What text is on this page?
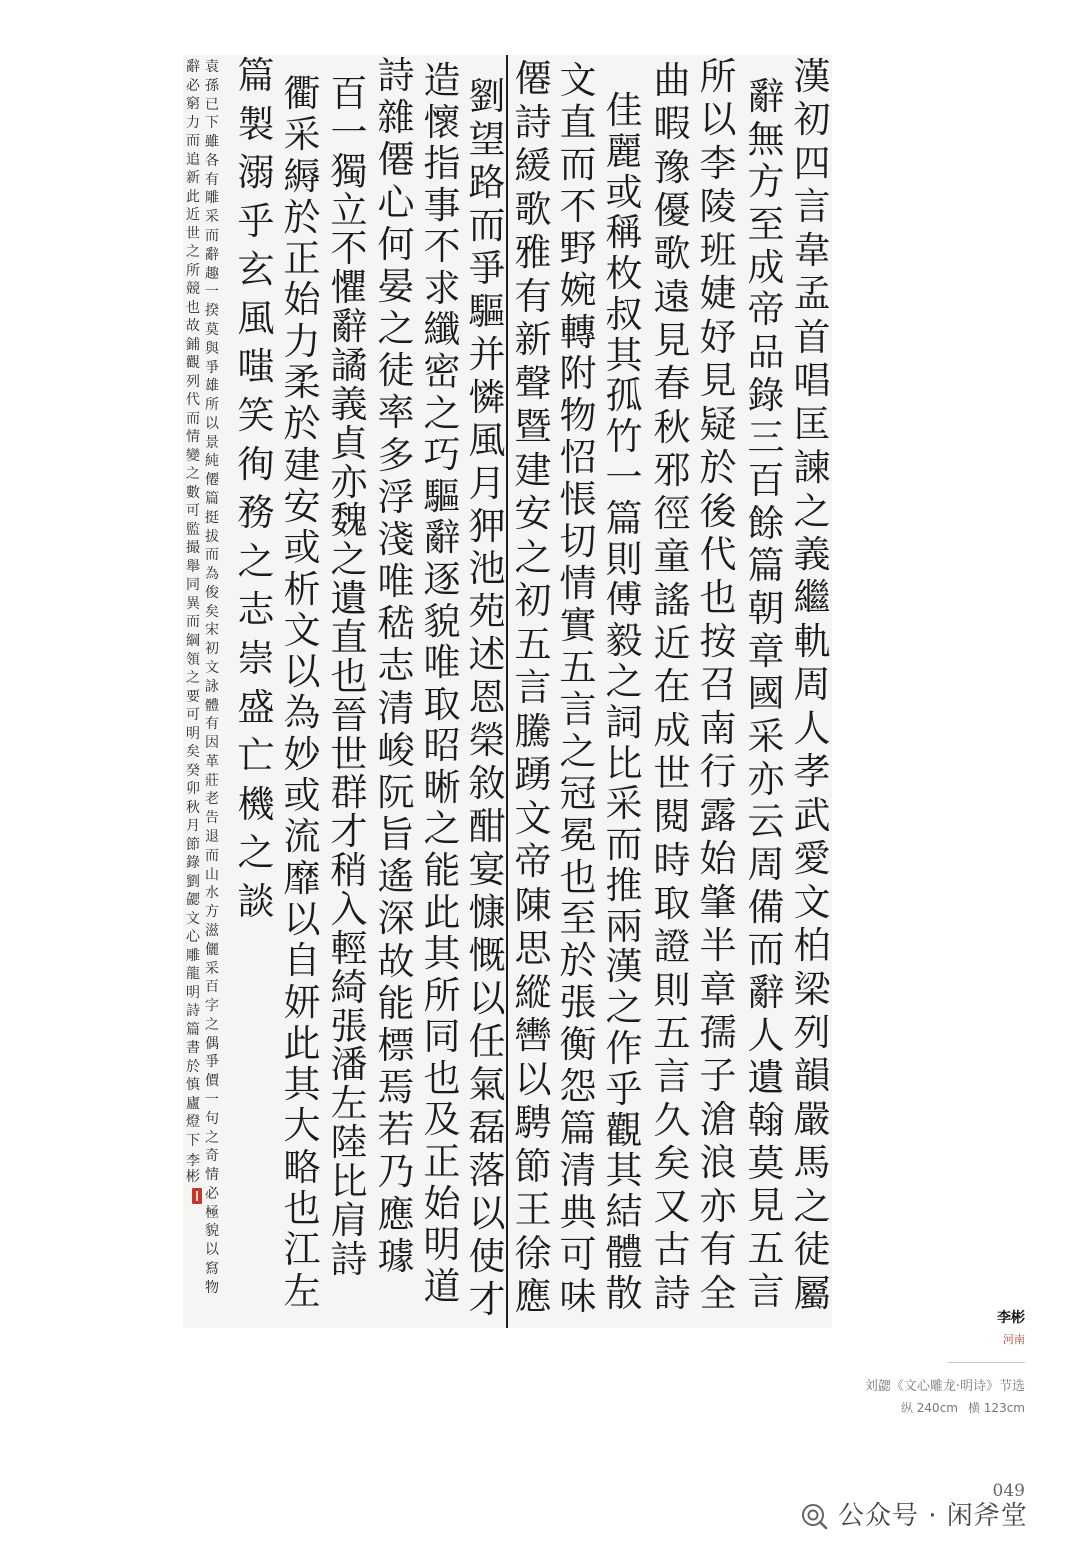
漢
初
四
言
韋
孟
首
唱
匡
諫
之
義
繼
軌
周
人
孝
武
愛
文
柏
梁
列
韻
嚴
馬
之
徒
屬
辭
無
方
至
成
帝
品
錄
三
百
餘
篇
朝
章
國
采
亦
云
周
備
而
辭
人
遺
翰
莫
見
五
言
所
以
李
陵
班
婕
妤
見
疑
於
後
代
也
按
召
南
行
露
始
肇
半
章
孺
子
滄
浪
亦
有
全
曲
暇
豫
優
歌
遠
見
春
秋
邪
徑
童
謠
近
在
成
世
閱
時
取
證
則
五
言
久
矣
又
古
詩
佳
麗
或
稱
枚
叔
其
孤
竹
一
篇
則
傅
毅
之
詞
比
采
而
推
兩
漢
之
作
乎
觀
其
結
體
散
文
直
而
不
野
婉
轉
附
物
怊
悵
切
情
實
五
言
之
冠
冕
也
至
於
張
衡
怨
篇
清
典
可
味
僊
詩
緩
歌
雅
有
新
聲
暨
建
安
之
初
五
言
騰
踴
文
帝
陳
思
縱
轡
以
騁
節
王
徐
應
劉
望
路
而
爭
驅
并
憐
風
月
狎
池
苑
述
恩
榮
敘
酣
宴
慷
慨
以
任
氣
磊
落
以
使
才
造
懷
指
事
不
求
纖
密
之
巧
驅
辭
逐
貌
唯
取
昭
晰
之
能
此
其
所
同
也
及
正
始
明
道
詩
雜
僊
心
何
晏
之
徒
率
多
浮
淺
唯
嵇
志
清
峻
阮
旨
遙
深
故
能
標
焉
若
乃
應
璩
百
一
獨
立
不
懼
辭
譎
義
貞
亦
魏
之
遺
直
也
晉
世
群
才
稍
入
輕
綺
張
潘
左
陸
比
肩
詩
衢
采
縟
於
正
始
力
柔
於
建
安
或
析
文
以
為
妙
或
流
靡
以
自
妍
此
其
大
略
也
江
左
篇
製
溺
乎
玄
風
嗤
笑
徇
務
之
志
崇
盛
亡
機
之
談
袁
孫
已
下
雖
各
有
雕
采
而
辭
趣
一
揆
莫
與
爭
雄
所
以
景
純
僊
篇
挺
拔
而
為
俊
矣
宋
初
文
詠
體
有
因
革
莊
老
告
退
而
山
水
方
滋
儷
采
百
字
之
偶
爭
價
一
句
之
奇
情
必
極
貌
以
寫
物
辭
必
窮
力
而
追
新
此
近
世
之
所
競
也
故
鋪
觀
列
代
而
情
變
之
數
可
監
撮
舉
同
異
而
綱
領
之
要
可
明
矣
癸
卯
秋
月
節
錄
劉
勰
文
心
雕
龍
明
詩
篇
書
於
慎
廬
燈
下
李
彬
李彬
河南
刘勰《文心雕龙·明诗》节选
纵 240cm 横 123cm
049
公众号 · 闲斧堂
